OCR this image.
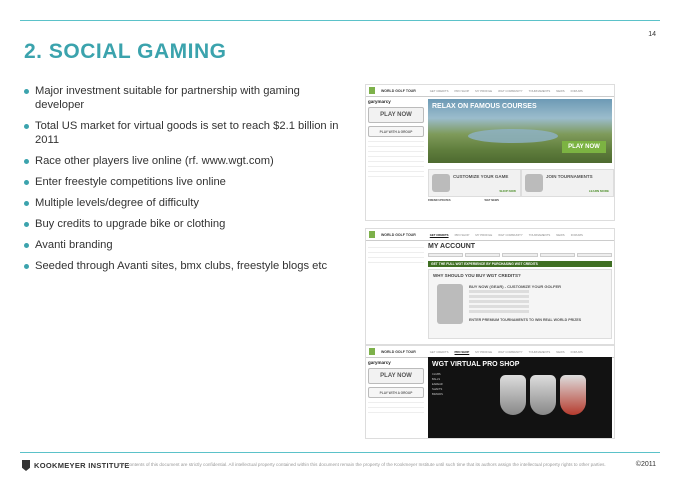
14
2. SOCIAL GAMING
Major investment suitable for partnership with gaming developer
Total US market for virtual goods is set to reach $2.1 billion in 2011
Race other players live online (rf. www.wgt.com)
Enter freestyle competitions live online
Multiple levels/degree of difficulty
Buy credits to upgrade bike or clothing
Avanti branding
Seeded through Avanti sites, bmx clubs, freestyle blogs etc
WORLD GOLF TOUR	GET CREDITS PRO SHOP MY PROFILE WGT COMMUNITY TOURNAMENTS NEWS FORUMS
garymarcy
PLAY NOW
PLAY WITH A GROUP
RELAX ON FAMOUS COURSES
PLAY NOW
CUSTOMIZE YOUR GAME
SHOP NOW
JOIN TOURNAMENTS
LEARN MORE
FRIEND UPDATES	WGT NEWS
WORLD GOLF TOUR	GET CREDITS PRO SHOP MY PROFILE WGT COMMUNITY TOURNAMENTS NEWS FORUMS
MY ACCOUNT
GET THE FULL WGT EXPERIENCE BY PURCHASING WGT CREDITS
WHY SHOULD YOU BUY WGT CREDITS?
BUY NOW (GEAR) - CUSTOMIZE YOUR GOLFER
ENTER PREMIUM TOURNAMENTS TO WIN REAL WORLD PRIZES
WORLD GOLF TOUR	GET CREDITS PRO SHOP MY PROFILE WGT COMMUNITY TOURNAMENTS NEWS FORUMS
garymarcy
PLAY NOW
PLAY WITH A GROUP
WGT VIRTUAL PRO SHOP
CLUBS
BALLS
EAREAR
SHAFTS
BRANDS
KOOKMEYER INSTITUTE
The contents of this document are strictly confidential. All intellectual property contained within this document remain the property of the Kookmeyer Institute until such time that its authors assign the intellectual property rights to other parties.	©2011
